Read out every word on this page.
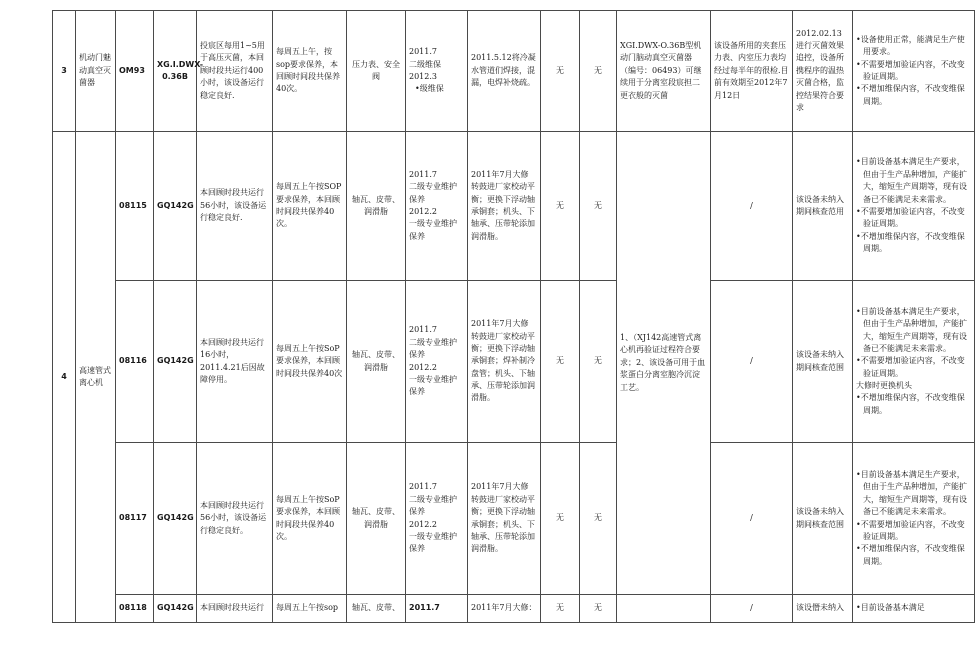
3	机动门魅动真空灭菌器	OM93	XG.I.DWX-0.36B	投宸区每用1~5用于高压灭菌，本回顾时段共运行400小时，该设备运行稳定良好.	每周五上午，按sop要求保养，本回顾时间段共保养40次。	压力表、安全阀	2011.7
二级维保
2012.3
•级维保	2011.5.12将冷凝水管道们焊接，混漏，电焊补烧疏。	无	无	XGI.DWX-O.36B型机动门脑动真空灭菌器（编号：06493）可继续用于分离室段宸担二更衣般的灭菌	该设备所用的夹套压力表、内室压力表均经过每半年的很检.目前有效期至2012年7月12日	2012.02.13进行灭菌效果追控，设备所携程序的温热灭菌合格，监控结果符合要求	•设备使用正常，能满足生产使用要求。
•不需要增加验证内容，不改变验证周期。
•不增加维保内容，不改变维保周期。

4	高速管式离心机	08115	GQ142G	本回顾时段共运行56小时，该设备运行稳定良好.	每周五上午按SOP要求保养，本回顾时间段共保养40次。	轴瓦、皮带、润滑脂	2011.7
二级专业维护保养
2012.2
一级专业维护保养	2011年7月大修 转鼓进厂家校动平衡；更换下浮动轴承铜套；机头、下轴承、压带轮添加润滑脂。	无	无	1、（XJ142高速管式离心机再验证过程符合要求；2、该设备可用于血浆蛋白分离室胞冷沉淀工艺。	/	该设备未纳入期间核查范用	•目前设备基本满足生产要求，但由于生产品种增加，产能扩大，缩短生产周期等，现有设备已不能满足未来需求。
•不需要增加验证内容，不改变验证周期。
•不增加维保内容，不改变维保周期。

		08116	GQ142G	本回顾时段共运行16小时，2011.4.21后因故障停用。	每周五上午按SoP要求保养，本回顾时间段共保养40次	轴瓦、皮带、润滑脂	2011.7
二级专业维护保养
2012.2
一级专业维护保养	2011年7月大修 转鼓进厂家校动平衡；更换下浮动轴承铜套；焊补制冷盘管；机头、下轴承、压带轮添加润滑脂。	无	无		/	该设备未纳入期间核查范围	•目前设备基本满足生产要求，但由于生产品种增加，产能扩大，缩短生产周期等，现有设备已不能满足未来需求。
•不需要增加验证内容，不改变验证周期。
大修时更换机头
•不增加维保内容，不改变维保周期。

		08117	GQ142G	本回顾时段共运行56小时，该设备运行稳定良好。	每周五上午按SoP要求保养，本回顾时间段共保养40次。	轴瓦、皮带、润滑脂	2011.7
二级专业维护保养
2012.2
一级专业维护保养	2011年7月大修 转鼓进厂家校动平衡；更换下浮动轴承铜套；机头、下轴承、压带轮添加润滑脂。	无	无		/	该设备未纳入期间核查范围	•目前设备基本满足生产要求，但由于生产品种增加，产能扩大，缩短生产周期等，现有设备已不能满足未来需求。
•不需要增加验证内容，不改变验证周期。
•不增加维保内容，不改变维保周期。

		08118	GQ142G	本回顾时段共运行	每周五上午按sop	轴瓦、皮带、	2011.7	2011年7月大修：	无	无		/	该设僭未纳入	•目前设备基本满足
